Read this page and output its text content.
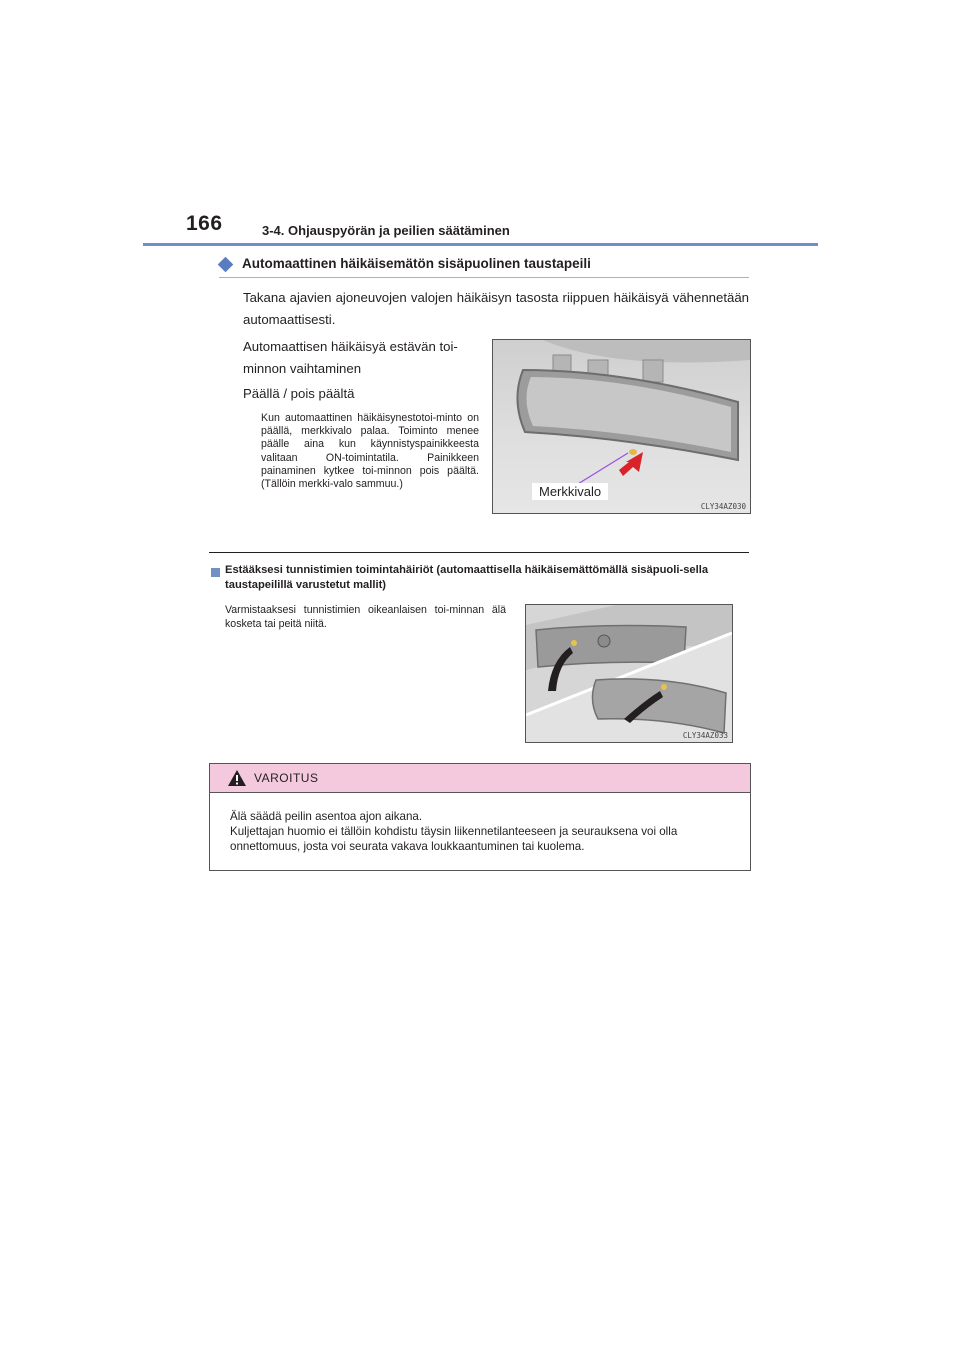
166	3-4. Ohjauspyörän ja peilien säätäminen
Automaattinen häikäisemätön sisäpuolinen taustapeili
Takana ajavien ajoneuvojen valojen häikäisyn tasosta riippuen häikäisyä vähennetään automaattisesti.
Automaattisen häikäisyä estävän toi-minnon vaihtaminen
Päällä / pois päältä
Kun automaattinen häikäisynestotoi-minto on päällä, merkkivalo palaa. Toiminto menee päälle aina kun käynnistyspainikkeesta valitaan ON-toimintatila. Painikkeen painaminen kytkee toi-minnon pois päältä. (Tällöin merkki-valo sammuu.)	Merkkivalo
CLY34AZ030
Estääksesi tunnistimien toimintahäiriöt (automaattisella häikäisemättömällä sisäpuoli-sella taustapeilillä varustetut mallit)
Varmistaaksesi tunnistimien oikeanlaisen toi-minnan älä kosketa tai peitä niitä.
CLY34AZ033
VAROITUS
Älä säädä peilin asentoa ajon aikana.
Kuljettajan huomio ei tällöin kohdistu täysin liikennetilanteeseen ja seurauksena voi olla onnettomuus, josta voi seurata vakava loukkaantuminen tai kuolema.
